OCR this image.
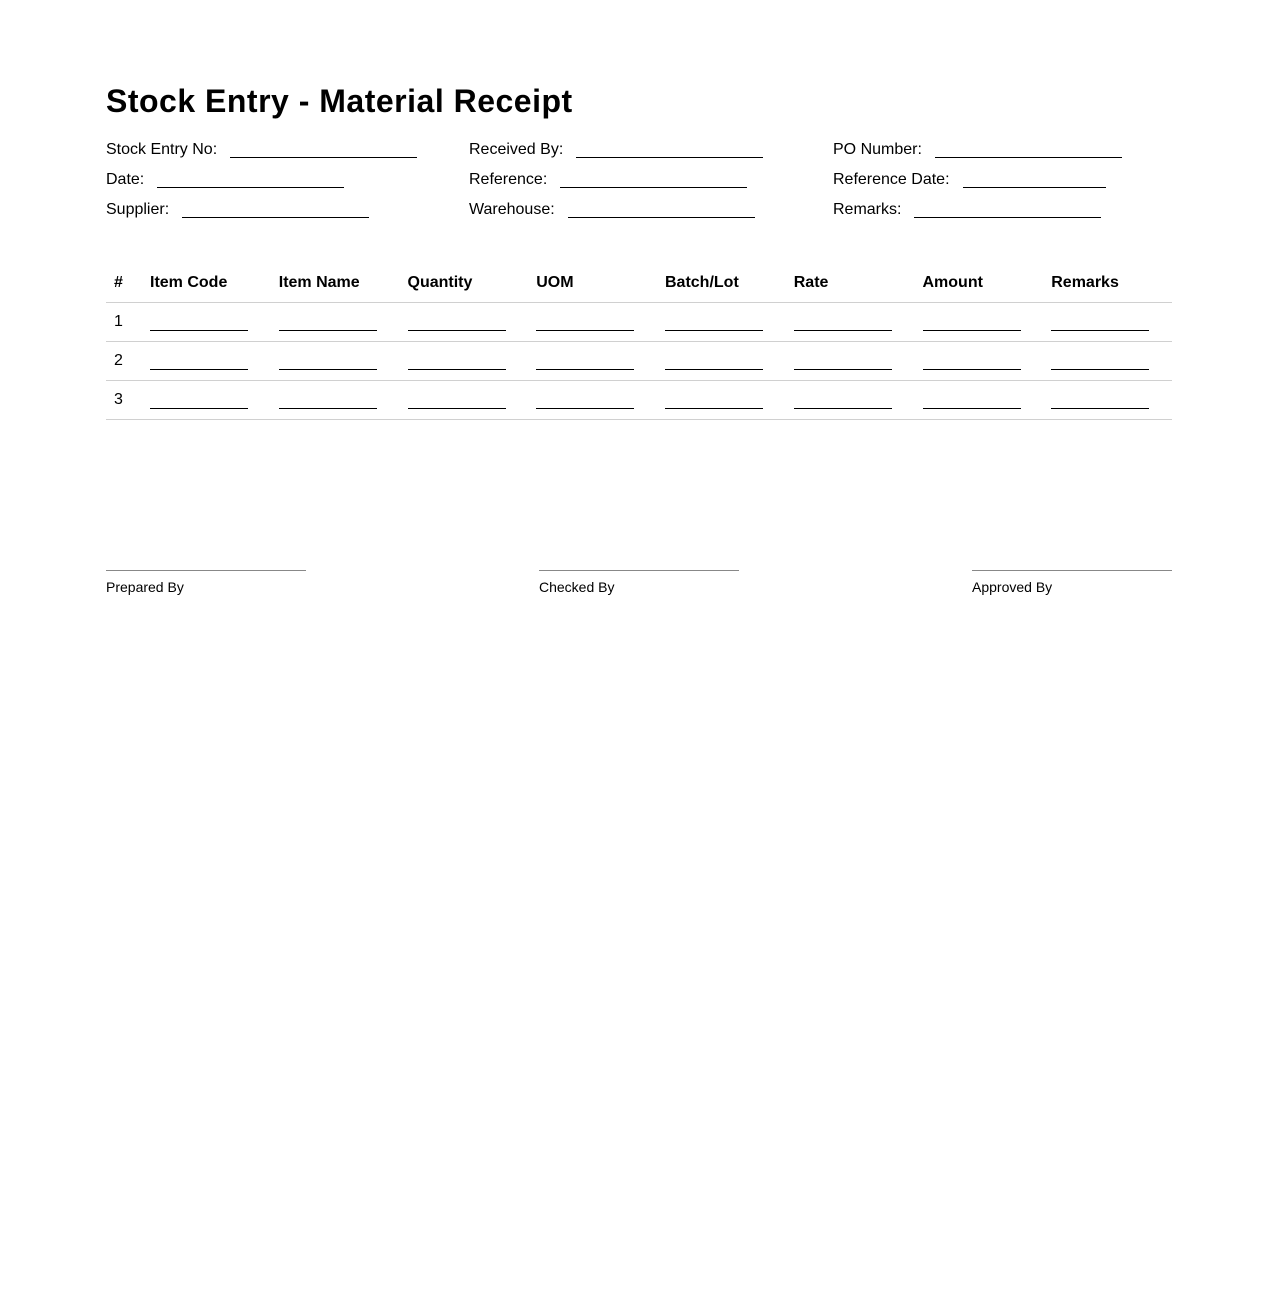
Stock Entry - Material Receipt
Stock Entry No:
Date:
Supplier:
Received By:
Reference:
Warehouse:
PO Number:
Reference Date:
Remarks:
#	Item Code	Item Name	Quantity	UOM	Batch/Lot	Rate	Amount	Remarks
1								
2								
3								
Prepared By	Checked By	Approved By
